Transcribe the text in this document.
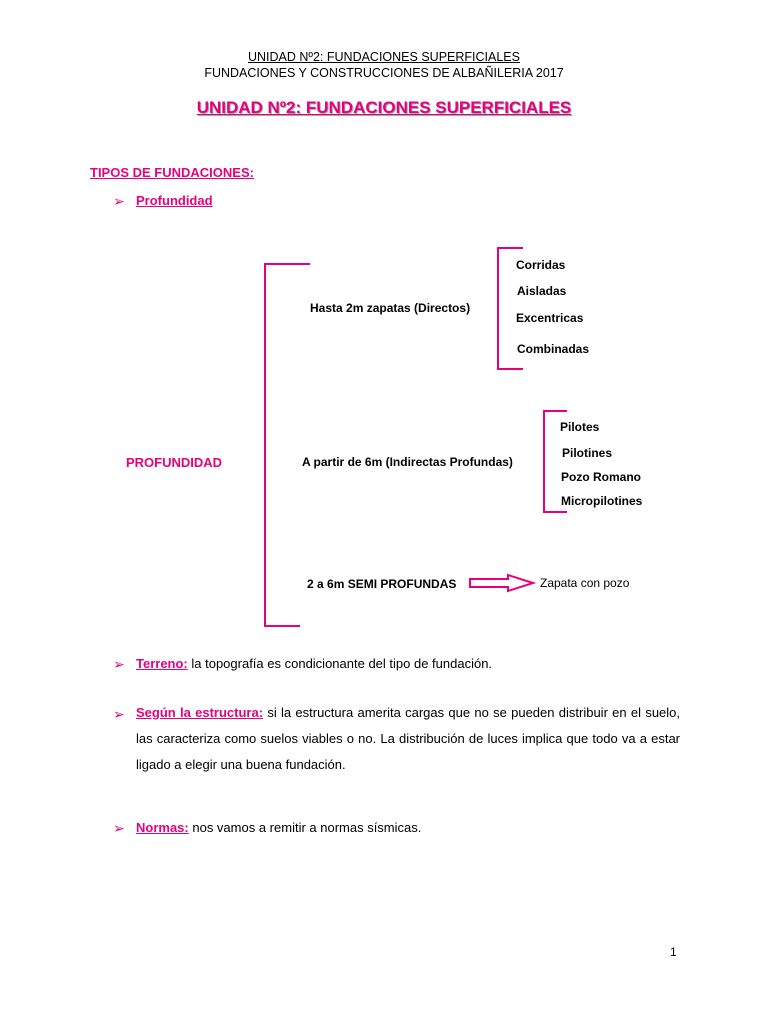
UNIDAD Nº2: FUNDACIONES SUPERFICIALES
FUNDACIONES Y CONSTRUCCIONES DE ALBAÑILERIA 2017
UNIDAD Nº2: FUNDACIONES SUPERFICIALES
TIPOS DE FUNDACIONES:
➢ Profundidad
PROFUNDIDAD
Hasta 2m zapatas (Directos)
Corridas
Aisladas
Excentricas
Combinadas
A partir de 6m (Indirectas Profundas)
Pilotes
Pilotines
Pozo Romano
Micropilotines
2 a 6m SEMI PROFUNDAS	Zapata con pozo
➢ Terreno: la topografía es condicionante del tipo de fundación.
➢ Según la estructura: si la estructura amerita cargas que no se pueden distribuir en el suelo, las caracteriza como suelos viables o no. La distribución de luces implica que todo va a estar ligado a elegir una buena fundación.
➢ Normas: nos vamos a remitir a normas sísmicas.
1
